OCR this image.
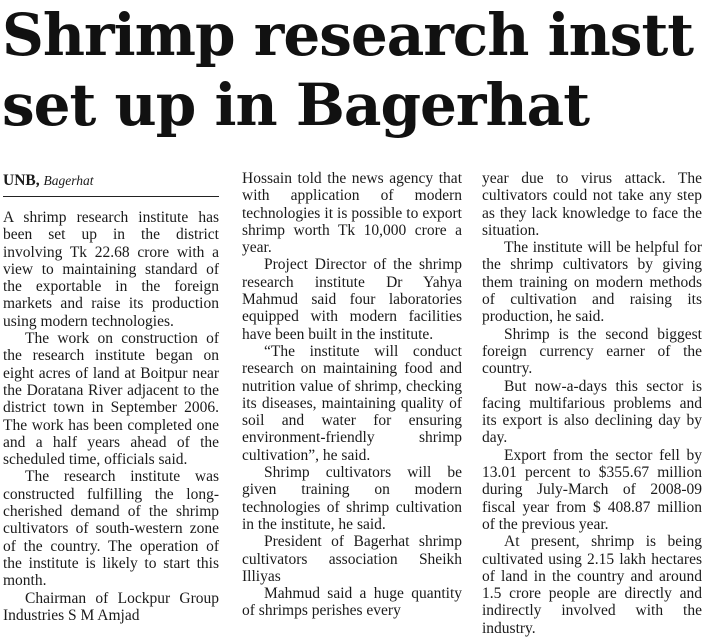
Shrimp research instt
set up in Bagerhat
UNB, Bagerhat

A shrimp research institute has been set up in the district involving Tk 22.68 crore with a view to maintaining standard of the exportable in the foreign markets and raise its production using modern technologies.

The work on construction of the research institute began on eight acres of land at Boitpur near the Doratana River adjacent to the district town in September 2006. The work has been completed one and a half years ahead of the scheduled time, officials said.

The research institute was constructed fulfilling the long-cherished demand of the shrimp cultivators of south-western zone of the country. The operation of the institute is likely to start this month.

Chairman of Lockpur Group Industries S M Amjad

Hossain told the news agency that with application of modern technologies it is possible to export shrimp worth Tk 10,000 crore a year.

Project Director of the shrimp research institute Dr Yahya Mahmud said four laboratories equipped with modern facilities have been built in the institute.

“The institute will conduct research on maintaining food and nutrition value of shrimp, checking its diseases, maintaining quality of soil and water for ensuring environment-friendly shrimp cultivation”, he said.

Shrimp cultivators will be given training on modern technologies of shrimp cultivation in the institute, he said.

President of Bagerhat shrimp cultivators association Sheikh Illiyas

Mahmud said a huge quantity of shrimps perishes every

year due to virus attack. The cultivators could not take any step as they lack knowledge to face the situation.

The institute will be helpful for the shrimp cultivators by giving them training on modern methods of cultivation and raising its production, he said.

Shrimp is the second biggest foreign currency earner of the country.

But now-a-days this sector is facing multifarious problems and its export is also declining day by day.

Export from the sector fell by 13.01 percent to $355.67 million during July-March of 2008-09 fiscal year from $ 408.87 million of the previous year.

At present, shrimp is being cultivated using 2.15 lakh hectares of land in the country and around 1.5 crore people are directly and indirectly involved with the industry.
